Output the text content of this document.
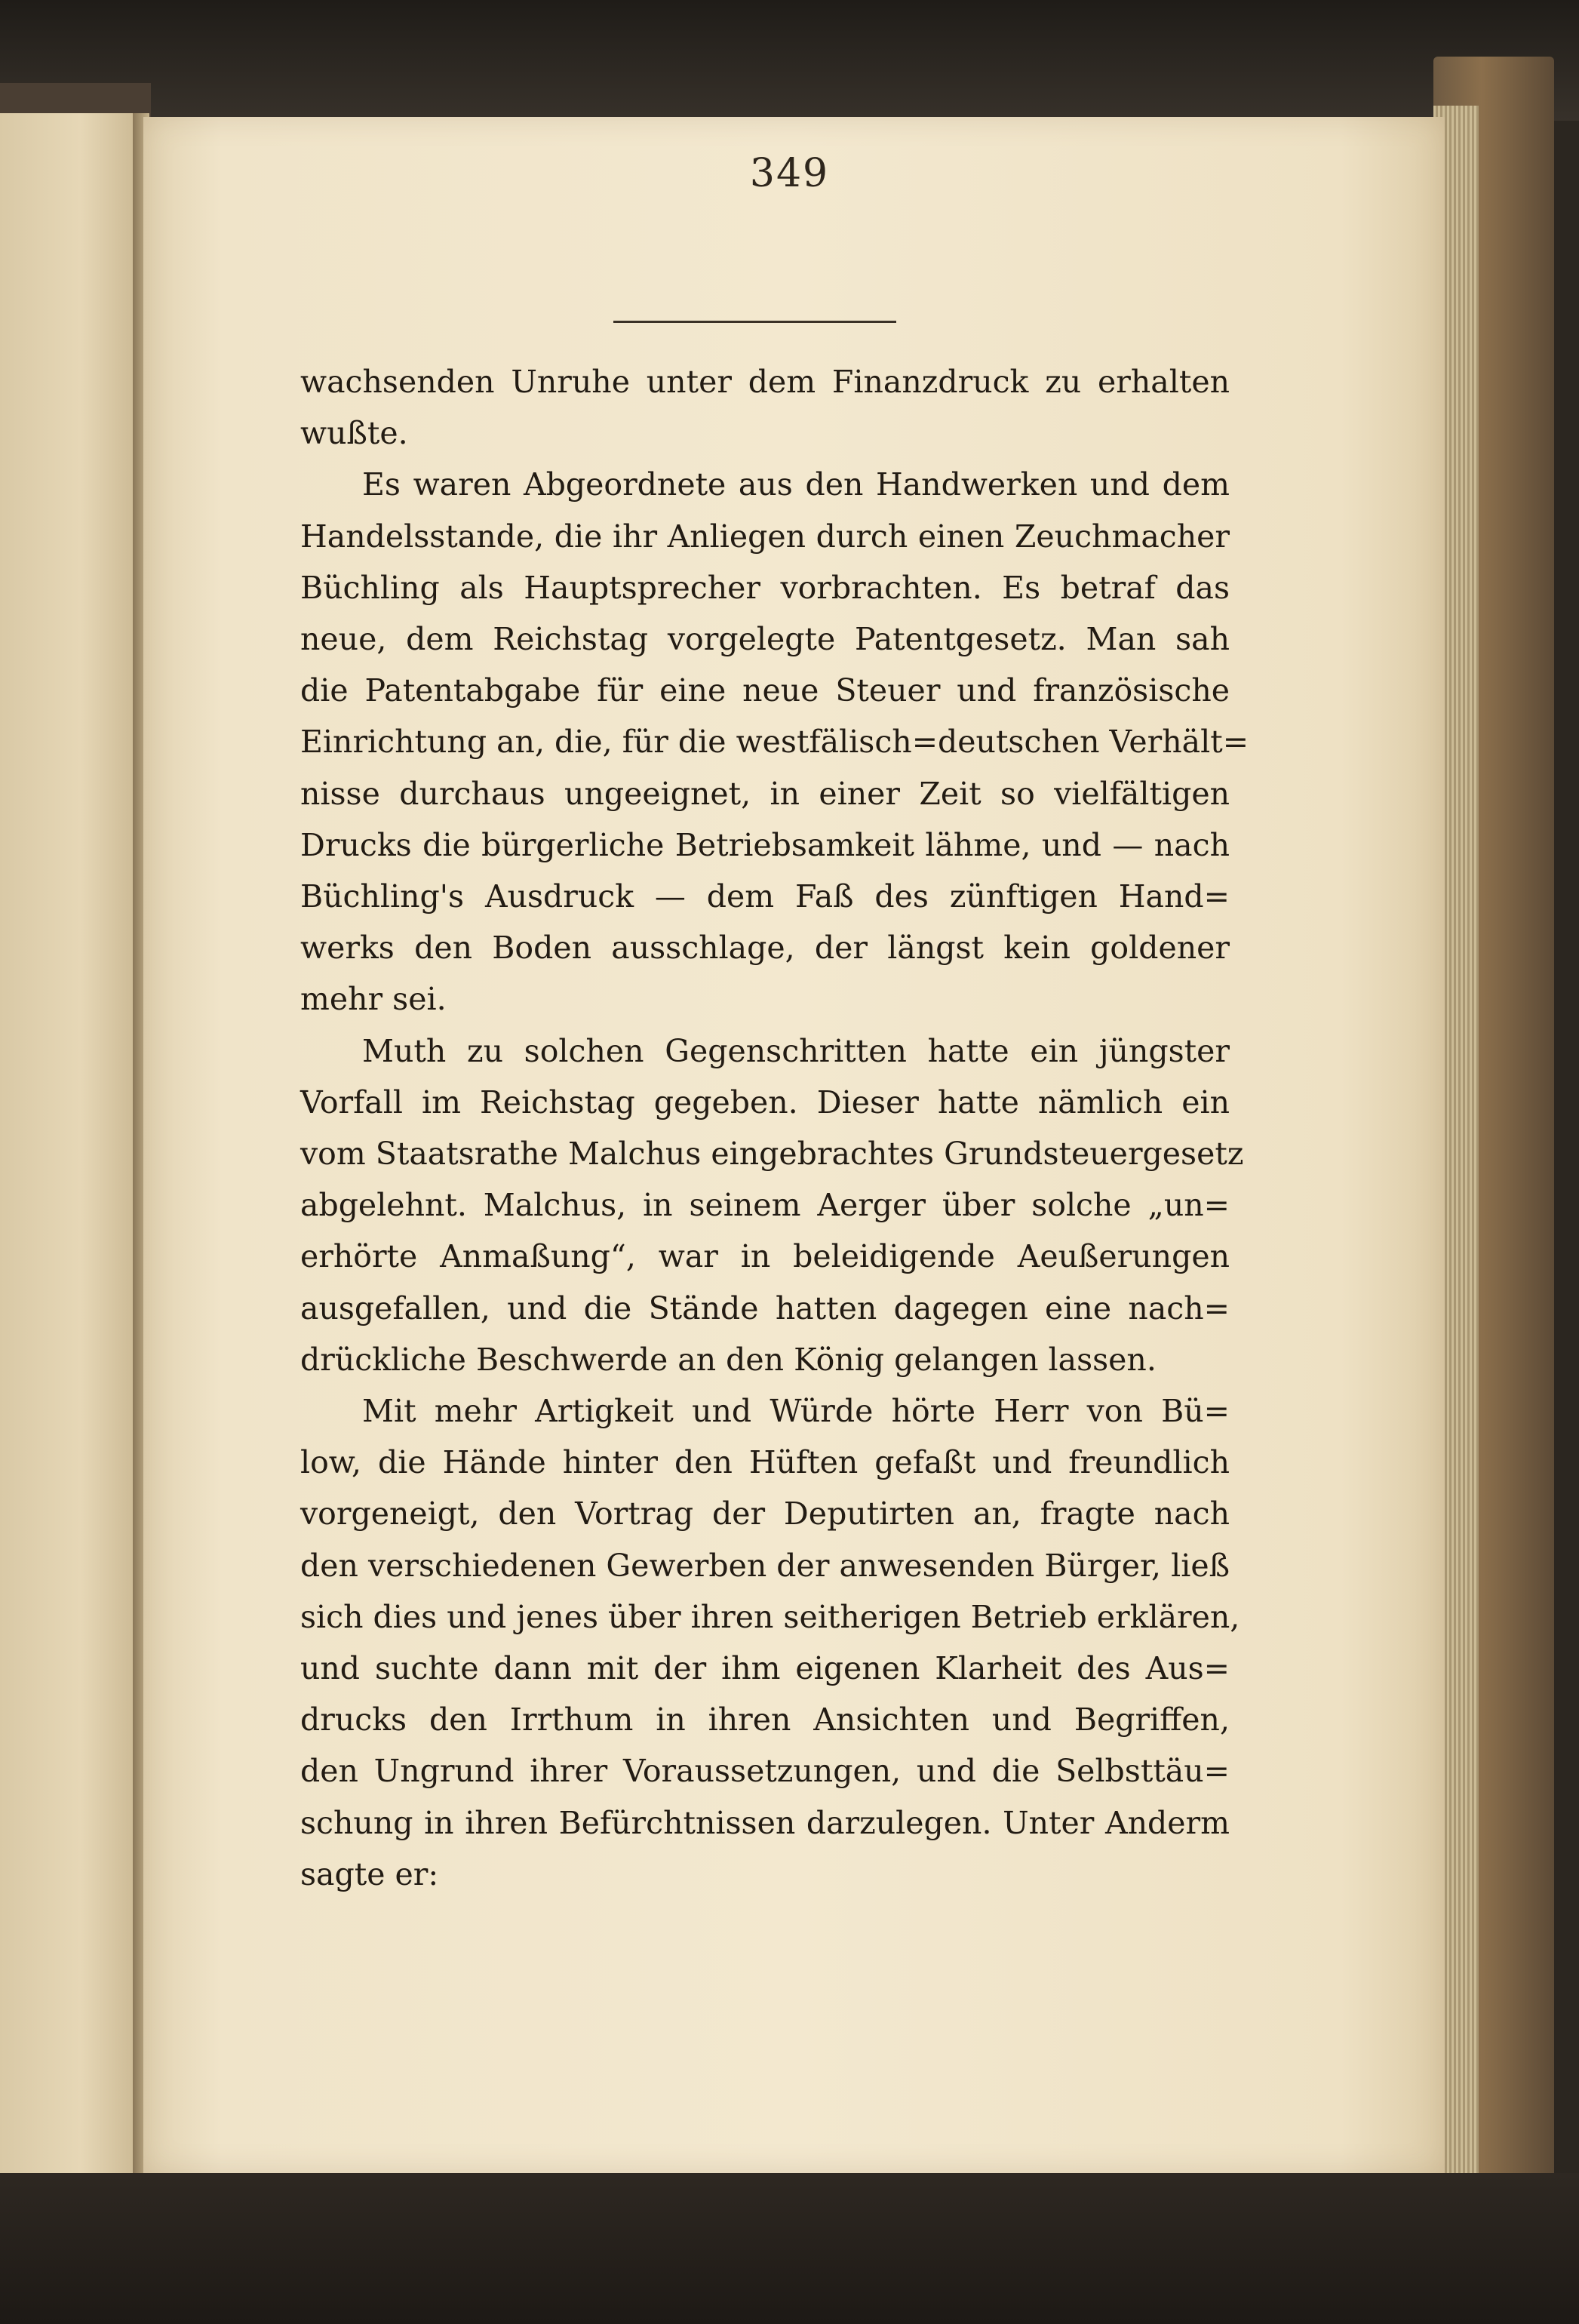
349
wachsenden Unruhe unter dem Finanzdruck zu erhalten
wußte.
Es waren Abgeordnete aus den Handwerken und dem
Handelsstande, die ihr Anliegen durch einen Zeuchmacher
Büchling als Hauptsprecher vorbrachten. Es betraf das
neue, dem Reichstag vorgelegte Patentgesetz. Man sah
die Patentabgabe für eine neue Steuer und französische
Einrichtung an, die, für die westfälisch=deutschen Verhält=
nisse durchaus ungeeignet, in einer Zeit so vielfältigen
Drucks die bürgerliche Betriebsamkeit lähme, und — nach
Büchling's Ausdruck — dem Faß des zünftigen Hand=
werks den Boden ausschlage, der längst kein goldener
mehr sei.
Muth zu solchen Gegenschritten hatte ein jüngster
Vorfall im Reichstag gegeben. Dieser hatte nämlich ein
vom Staatsrathe Malchus eingebrachtes Grundsteuergesetz
abgelehnt. Malchus, in seinem Aerger über solche „un=
erhörte Anmaßung“, war in beleidigende Aeußerungen
ausgefallen, und die Stände hatten dagegen eine nach=
drückliche Beschwerde an den König gelangen lassen.
Mit mehr Artigkeit und Würde hörte Herr von Bü=
low, die Hände hinter den Hüften gefaßt und freundlich
vorgeneigt, den Vortrag der Deputirten an, fragte nach
den verschiedenen Gewerben der anwesenden Bürger, ließ
sich dies und jenes über ihren seitherigen Betrieb erklären,
und suchte dann mit der ihm eigenen Klarheit des Aus=
drucks den Irrthum in ihren Ansichten und Begriffen,
den Ungrund ihrer Voraussetzungen, und die Selbsttäu=
schung in ihren Befürchtnissen darzulegen. Unter Anderm
sagte er:
